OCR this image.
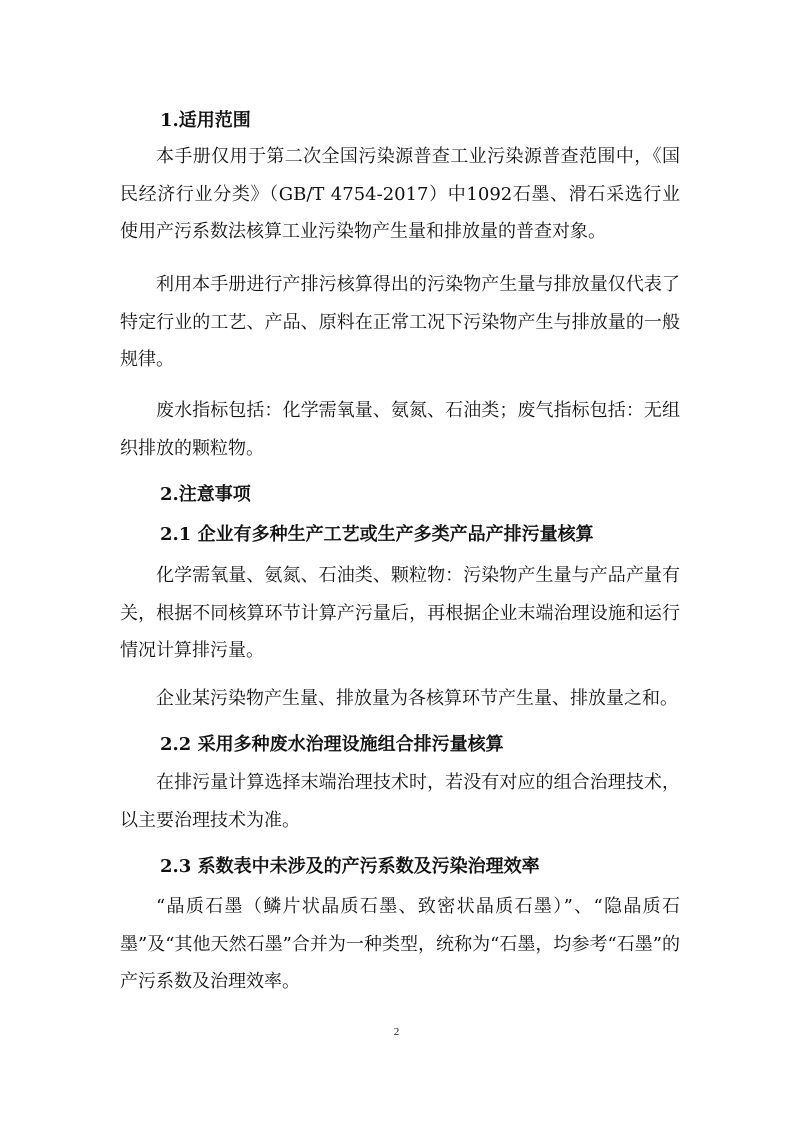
1.适用范围

本手册仅用于第二次全国污染源普查工业污染源普查范围中，《国民经济行业分类》（GB/T 4754-2017）中1092石墨、滑石采选行业使用产污系数法核算工业污染物产生量和排放量的普查对象。

利用本手册进行产排污核算得出的污染物产生量与排放量仅代表了特定行业的工艺、产品、原料在正常工况下污染物产生与排放量的一般规律。

废水指标包括：化学需氧量、氨氮、石油类；废气指标包括：无组织排放的颗粒物。

2.注意事项
2.1 企业有多种生产工艺或生产多类产品产排污量核算

化学需氧量、氨氮、石油类、颗粒物：污染物产生量与产品产量有关，根据不同核算环节计算产污量后，再根据企业末端治理设施和运行情况计算排污量。

企业某污染物产生量、排放量为各核算环节产生量、排放量之和。

2.2 采用多种废水治理设施组合排污量核算

在排污量计算选择末端治理技术时，若没有对应的组合治理技术，以主要治理技术为准。

2.3 系数表中未涉及的产污系数及污染治理效率

“晶质石墨（鳞片状晶质石墨、致密状晶质石墨）”、“隐晶质石墨”及“其他天然石墨”合并为一种类型，统称为“石墨，均参考“石墨”的产污系数及治理效率。

2
